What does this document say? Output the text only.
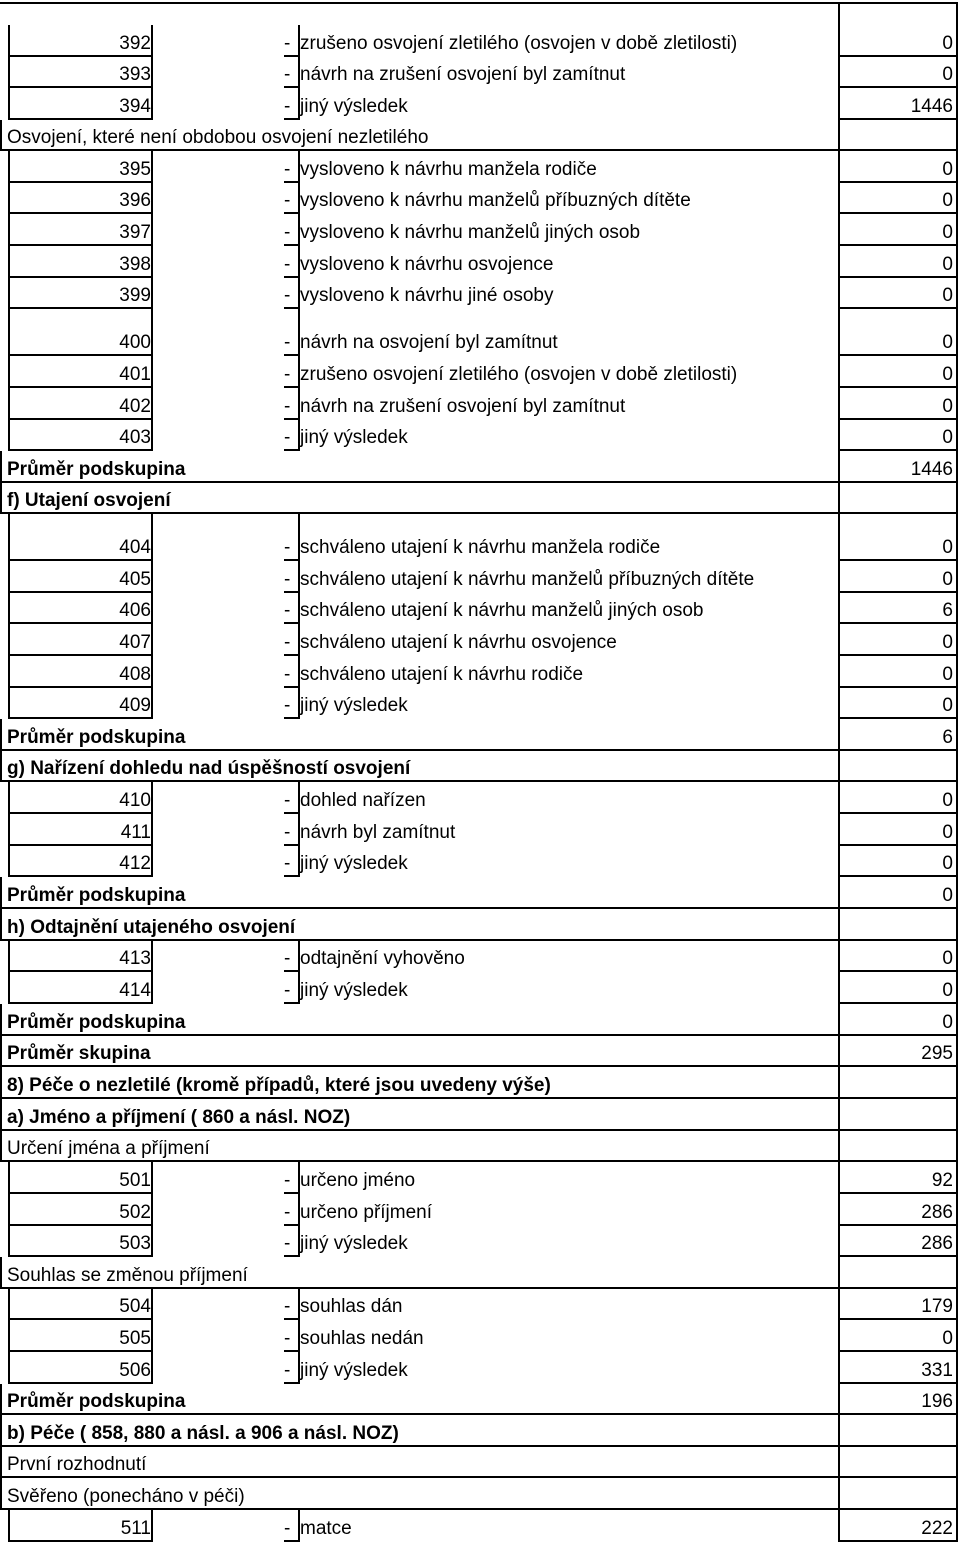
392	- zrušeno osvojení zletilého (osvojen v době zletilosti)	0
393	- návrh na zrušení osvojení byl zamítnut	0
394	- jiný výsledek	1446
Osvojení, které není obdobou osvojení nezletilého
395	- vysloveno k návrhu manžela rodiče	0
396	- vysloveno k návrhu manželů příbuzných dítěte	0
397	- vysloveno k návrhu manželů jiných osob	0
398	- vysloveno k návrhu osvojence	0
399	- vysloveno k návrhu jiné osoby	0
400	- návrh na osvojení byl zamítnut	0
401	- zrušeno osvojení zletilého (osvojen v době zletilosti)	0
402	- návrh na zrušení osvojení byl zamítnut	0
403	- jiný výsledek	0
Průměr podskupina	1446
f) Utajení osvojení
404	- schváleno utajení k návrhu manžela rodiče	0
405	- schváleno utajení k návrhu manželů příbuzných dítěte	0
406	- schváleno utajení k návrhu manželů jiných osob	6
407	- schváleno utajení k návrhu osvojence	0
408	- schváleno utajení k návrhu rodiče	0
409	- jiný výsledek	0
Průměr podskupina	6
g) Nařízení dohledu nad úspěšností osvojení
410	- dohled nařízen	0
411	- návrh byl zamítnut	0
412	- jiný výsledek	0
Průměr podskupina	0
h) Odtajnění utajeného osvojení
413	- odtajnění vyhověno	0
414	- jiný výsledek	0
Průměr podskupina	0
Průměr skupina	295
8) Péče o nezletilé (kromě případů, které jsou uvedeny výše)
a) Jméno a příjmení ( 860 a násl. NOZ)
Určení jména a příjmení
501	- určeno jméno	92
502	- určeno příjmení	286
503	- jiný výsledek	286
Souhlas se změnou příjmení
504	- souhlas dán	179
505	- souhlas nedán	0
506	- jiný výsledek	331
Průměr podskupina	196
b) Péče ( 858, 880 a násl. a 906 a násl. NOZ)
První rozhodnutí
Svěřeno (ponecháno v péči)
511	- matce	222
